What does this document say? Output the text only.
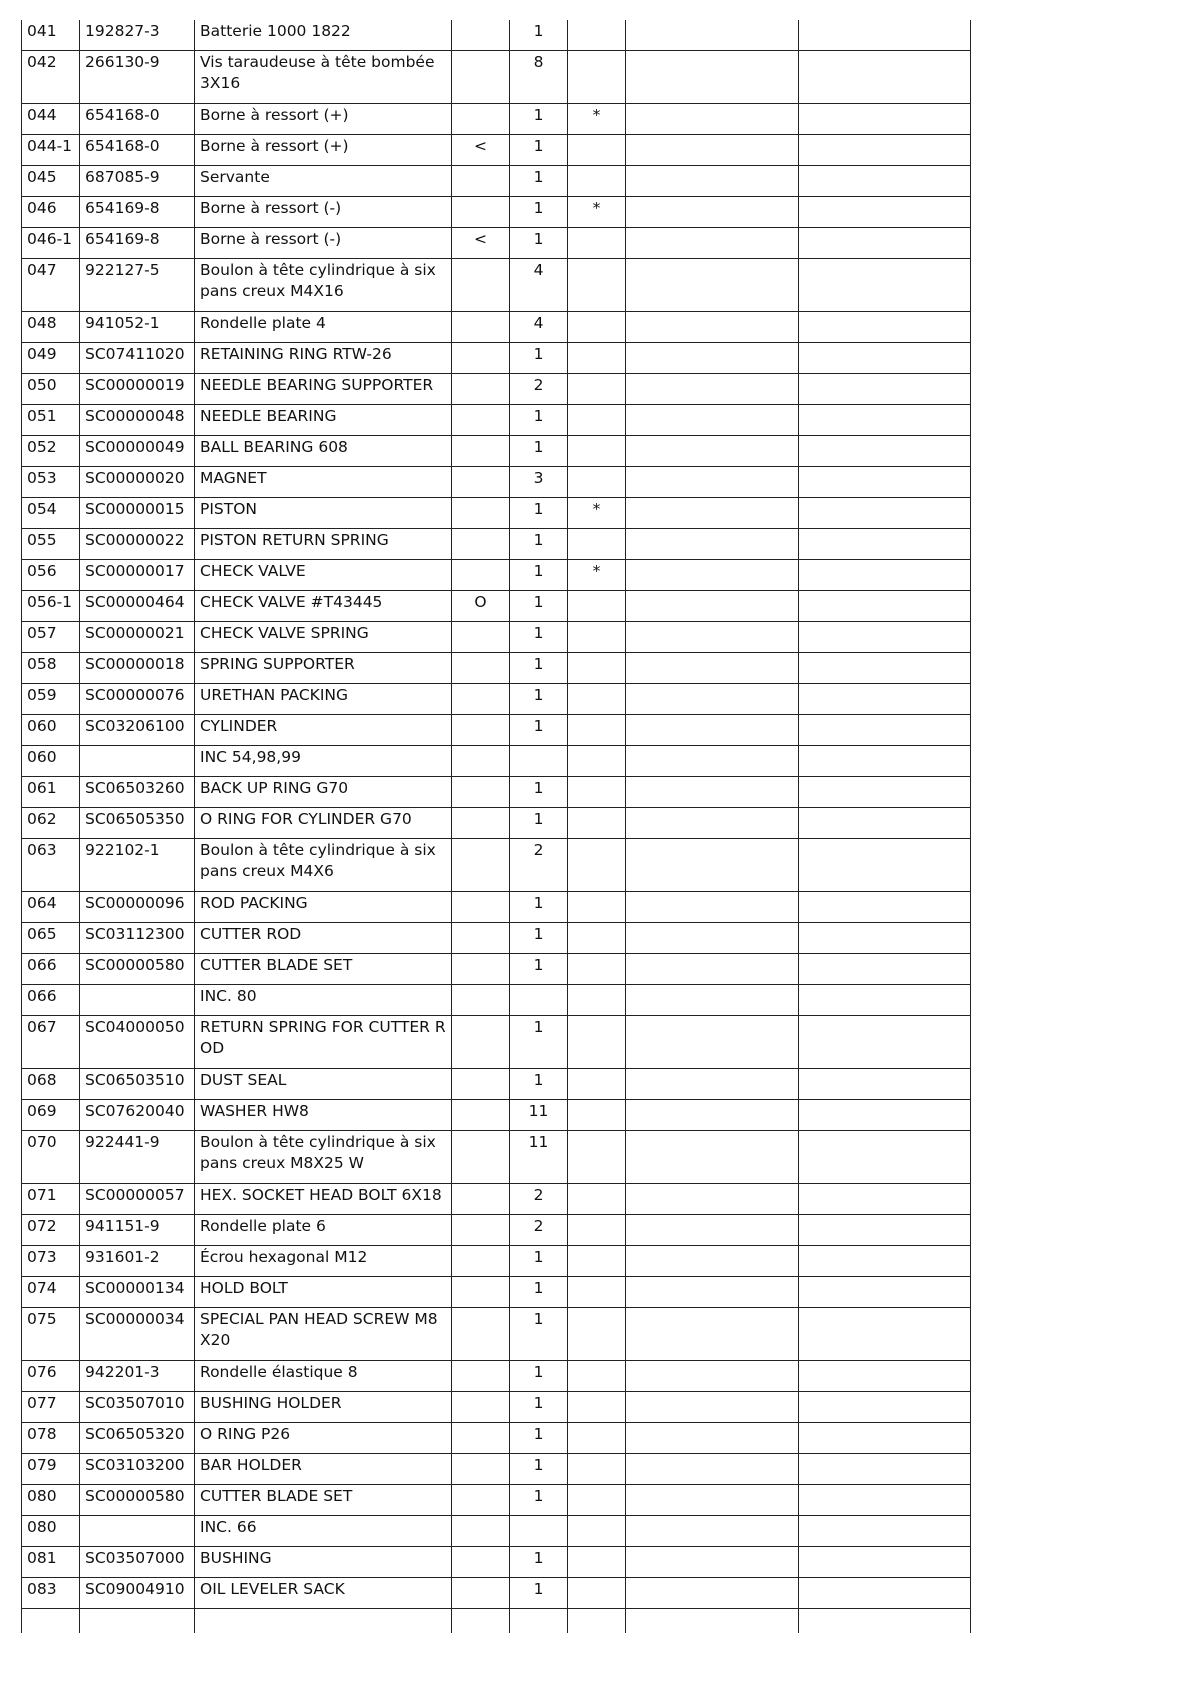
041	192827-3	Batterie 1000 1822		1			
042	266130-9	Vis taraudeuse à tête bombée 3X16		8			
044	654168-0	Borne à ressort (+)		1	*		
044-1	654168-0	Borne à ressort (+)	<	1			
045	687085-9	Servante		1			
046	654169-8	Borne à ressort (-)		1	*		
046-1	654169-8	Borne à ressort (-)	<	1			
047	922127-5	Boulon à tête cylindrique à six pans creux M4X16		4			
048	941052-1	Rondelle plate 4		4			
049	SC07411020	RETAINING RING RTW-26		1			
050	SC00000019	NEEDLE BEARING SUPPORTER		2			
051	SC00000048	NEEDLE BEARING		1			
052	SC00000049	BALL BEARING 608		1			
053	SC00000020	MAGNET		3			
054	SC00000015	PISTON		1	*		
055	SC00000022	PISTON RETURN SPRING		1			
056	SC00000017	CHECK VALVE		1	*		
056-1	SC00000464	CHECK VALVE #T43445	O	1			
057	SC00000021	CHECK VALVE SPRING		1			
058	SC00000018	SPRING SUPPORTER		1			
059	SC00000076	URETHAN PACKING		1			
060	SC03206100	CYLINDER		1			
060		INC 54,98,99					
061	SC06503260	BACK UP RING G70		1			
062	SC06505350	O RING FOR CYLINDER G70		1			
063	922102-1	Boulon à tête cylindrique à six pans creux M4X6		2			
064	SC00000096	ROD PACKING		1			
065	SC03112300	CUTTER ROD		1			
066	SC00000580	CUTTER BLADE SET		1			
066		INC. 80					
067	SC04000050	RETURN SPRING FOR CUTTER ROD		1			
068	SC06503510	DUST SEAL		1			
069	SC07620040	WASHER HW8		11			
070	922441-9	Boulon à tête cylindrique à six pans creux M8X25 W		11			
071	SC00000057	HEX. SOCKET HEAD BOLT 6X18		2			
072	941151-9	Rondelle plate 6		2			
073	931601-2	Écrou hexagonal M12		1			
074	SC00000134	HOLD BOLT		1			
075	SC00000034	SPECIAL PAN HEAD SCREW M8X20		1			
076	942201-3	Rondelle élastique 8		1			
077	SC03507010	BUSHING HOLDER		1			
078	SC06505320	O RING P26		1			
079	SC03103200	BAR HOLDER		1			
080	SC00000580	CUTTER BLADE SET		1			
080		INC. 66					
081	SC03507000	BUSHING		1			
083	SC09004910	OIL LEVELER SACK		1			
